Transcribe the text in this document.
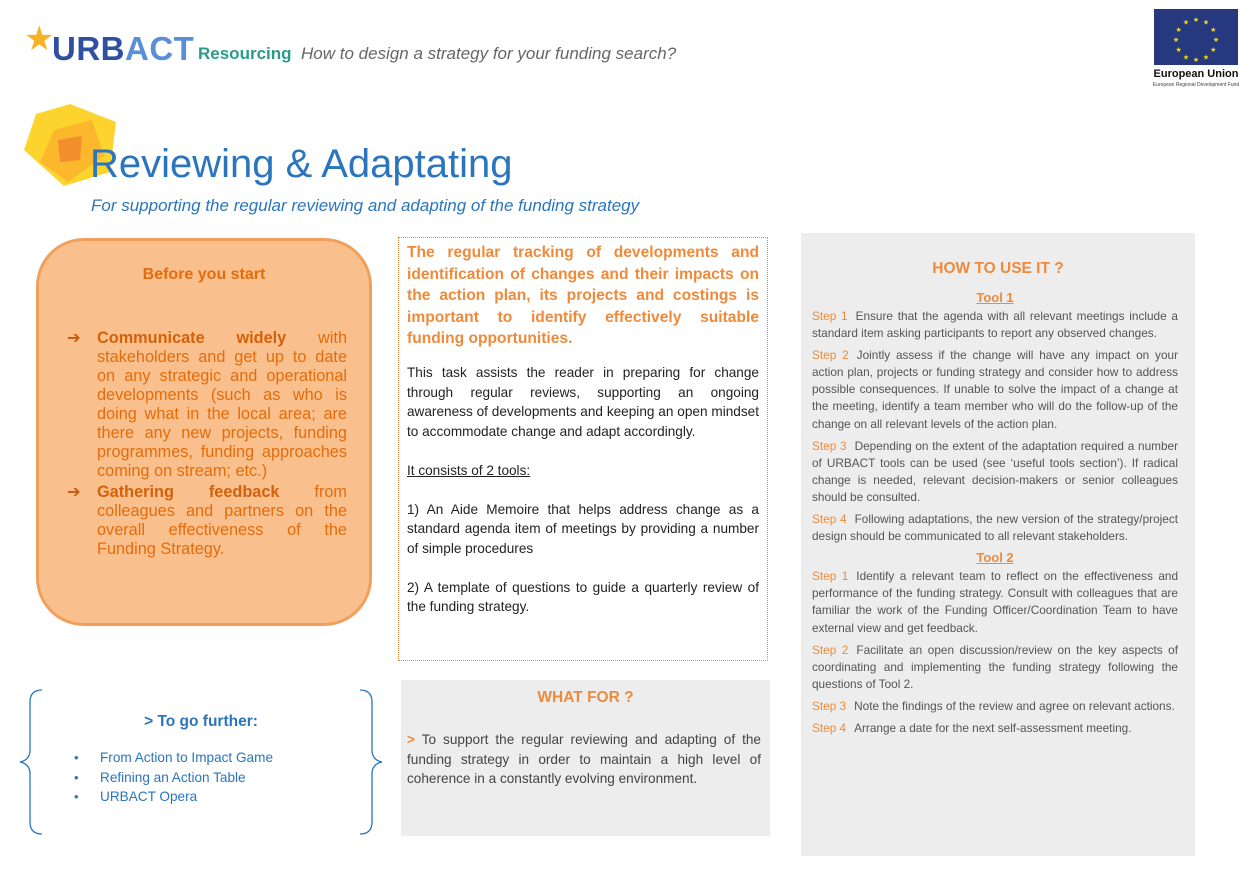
★
URBACT Resourcing How to design a strategy for your funding search?
★ ★
★
★
★
★
★
★
★
★
★
★
European Union
European Regional Development Fund
Reviewing & Adaptating
For supporting the regular reviewing and adapting of the funding strategy
Before you start
➔ Communicate widely with stakeholders and get up to date on any strategic and operational developments (such as who is doing what in the local area; are there any new projects, funding programmes, funding approaches coming on stream; etc.)
➔ Gathering feedback from colleagues and partners on the overall effectiveness of the Funding Strategy.
The regular tracking of developments and identification of changes and their impacts on the action plan, its projects and costings is important to identify effectively suitable funding opportunities.

This task assists the reader in preparing for change through regular reviews, supporting an ongoing awareness of developments and keeping an open mindset to accommodate change and adapt accordingly.

It consists of 2 tools:

1) An Aide Memoire that helps address change as a standard agenda item of meetings by providing a number of simple procedures

2) A template of questions to guide a quarterly review of the funding strategy.

> To go further:
• From Action to Impact Game
• Refining an Action Table
• URBACT Opera
WHAT FOR ?
> To support the regular reviewing and adapting of the funding strategy in order to maintain a high level of coherence in a constantly evolving environment.
HOW TO USE IT ?
Tool 1
Step 1 Ensure that the agenda with all relevant meetings include a standard item asking participants to report any observed changes.
Step 2 Jointly assess if the change will have any impact on your action plan, projects or funding strategy and consider how to address possible consequences. If unable to solve the impact of a change at the meeting, identify a team member who will do the follow-up of the change on all relevant levels of the action plan.
Step 3 Depending on the extent of the adaptation required a number of URBACT tools can be used (see ‘useful tools section’). If radical change is needed, relevant decision-makers or senior colleagues should be consulted.
Step 4 Following adaptations, the new version of the strategy/project design should be communicated to all relevant stakeholders.
Tool 2
Step 1 Identify a relevant team to reflect on the effectiveness and performance of the funding strategy. Consult with colleagues that are familiar the work of the Funding Officer/Coordination Team to have external view and get feedback.
Step 2 Facilitate an open discussion/review on the key aspects of coordinating and implementing the funding strategy following the questions of Tool 2.
Step 3 Note the findings of the review and agree on relevant actions.
Step 4 Arrange a date for the next self-assessment meeting.
